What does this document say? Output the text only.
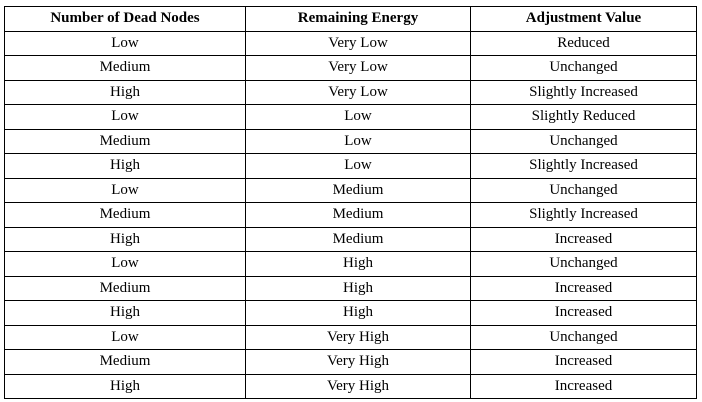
Number of Dead Nodes	Remaining Energy	Adjustment Value
Low	Very Low	Reduced
Medium	Very Low	Unchanged
High	Very Low	Slightly Increased
Low	Low	Slightly Reduced
Medium	Low	Unchanged
High	Low	Slightly Increased
Low	Medium	Unchanged
Medium	Medium	Slightly Increased
High	Medium	Increased
Low	High	Unchanged
Medium	High	Increased
High	High	Increased
Low	Very High	Unchanged
Medium	Very High	Increased
High	Very High	Increased
